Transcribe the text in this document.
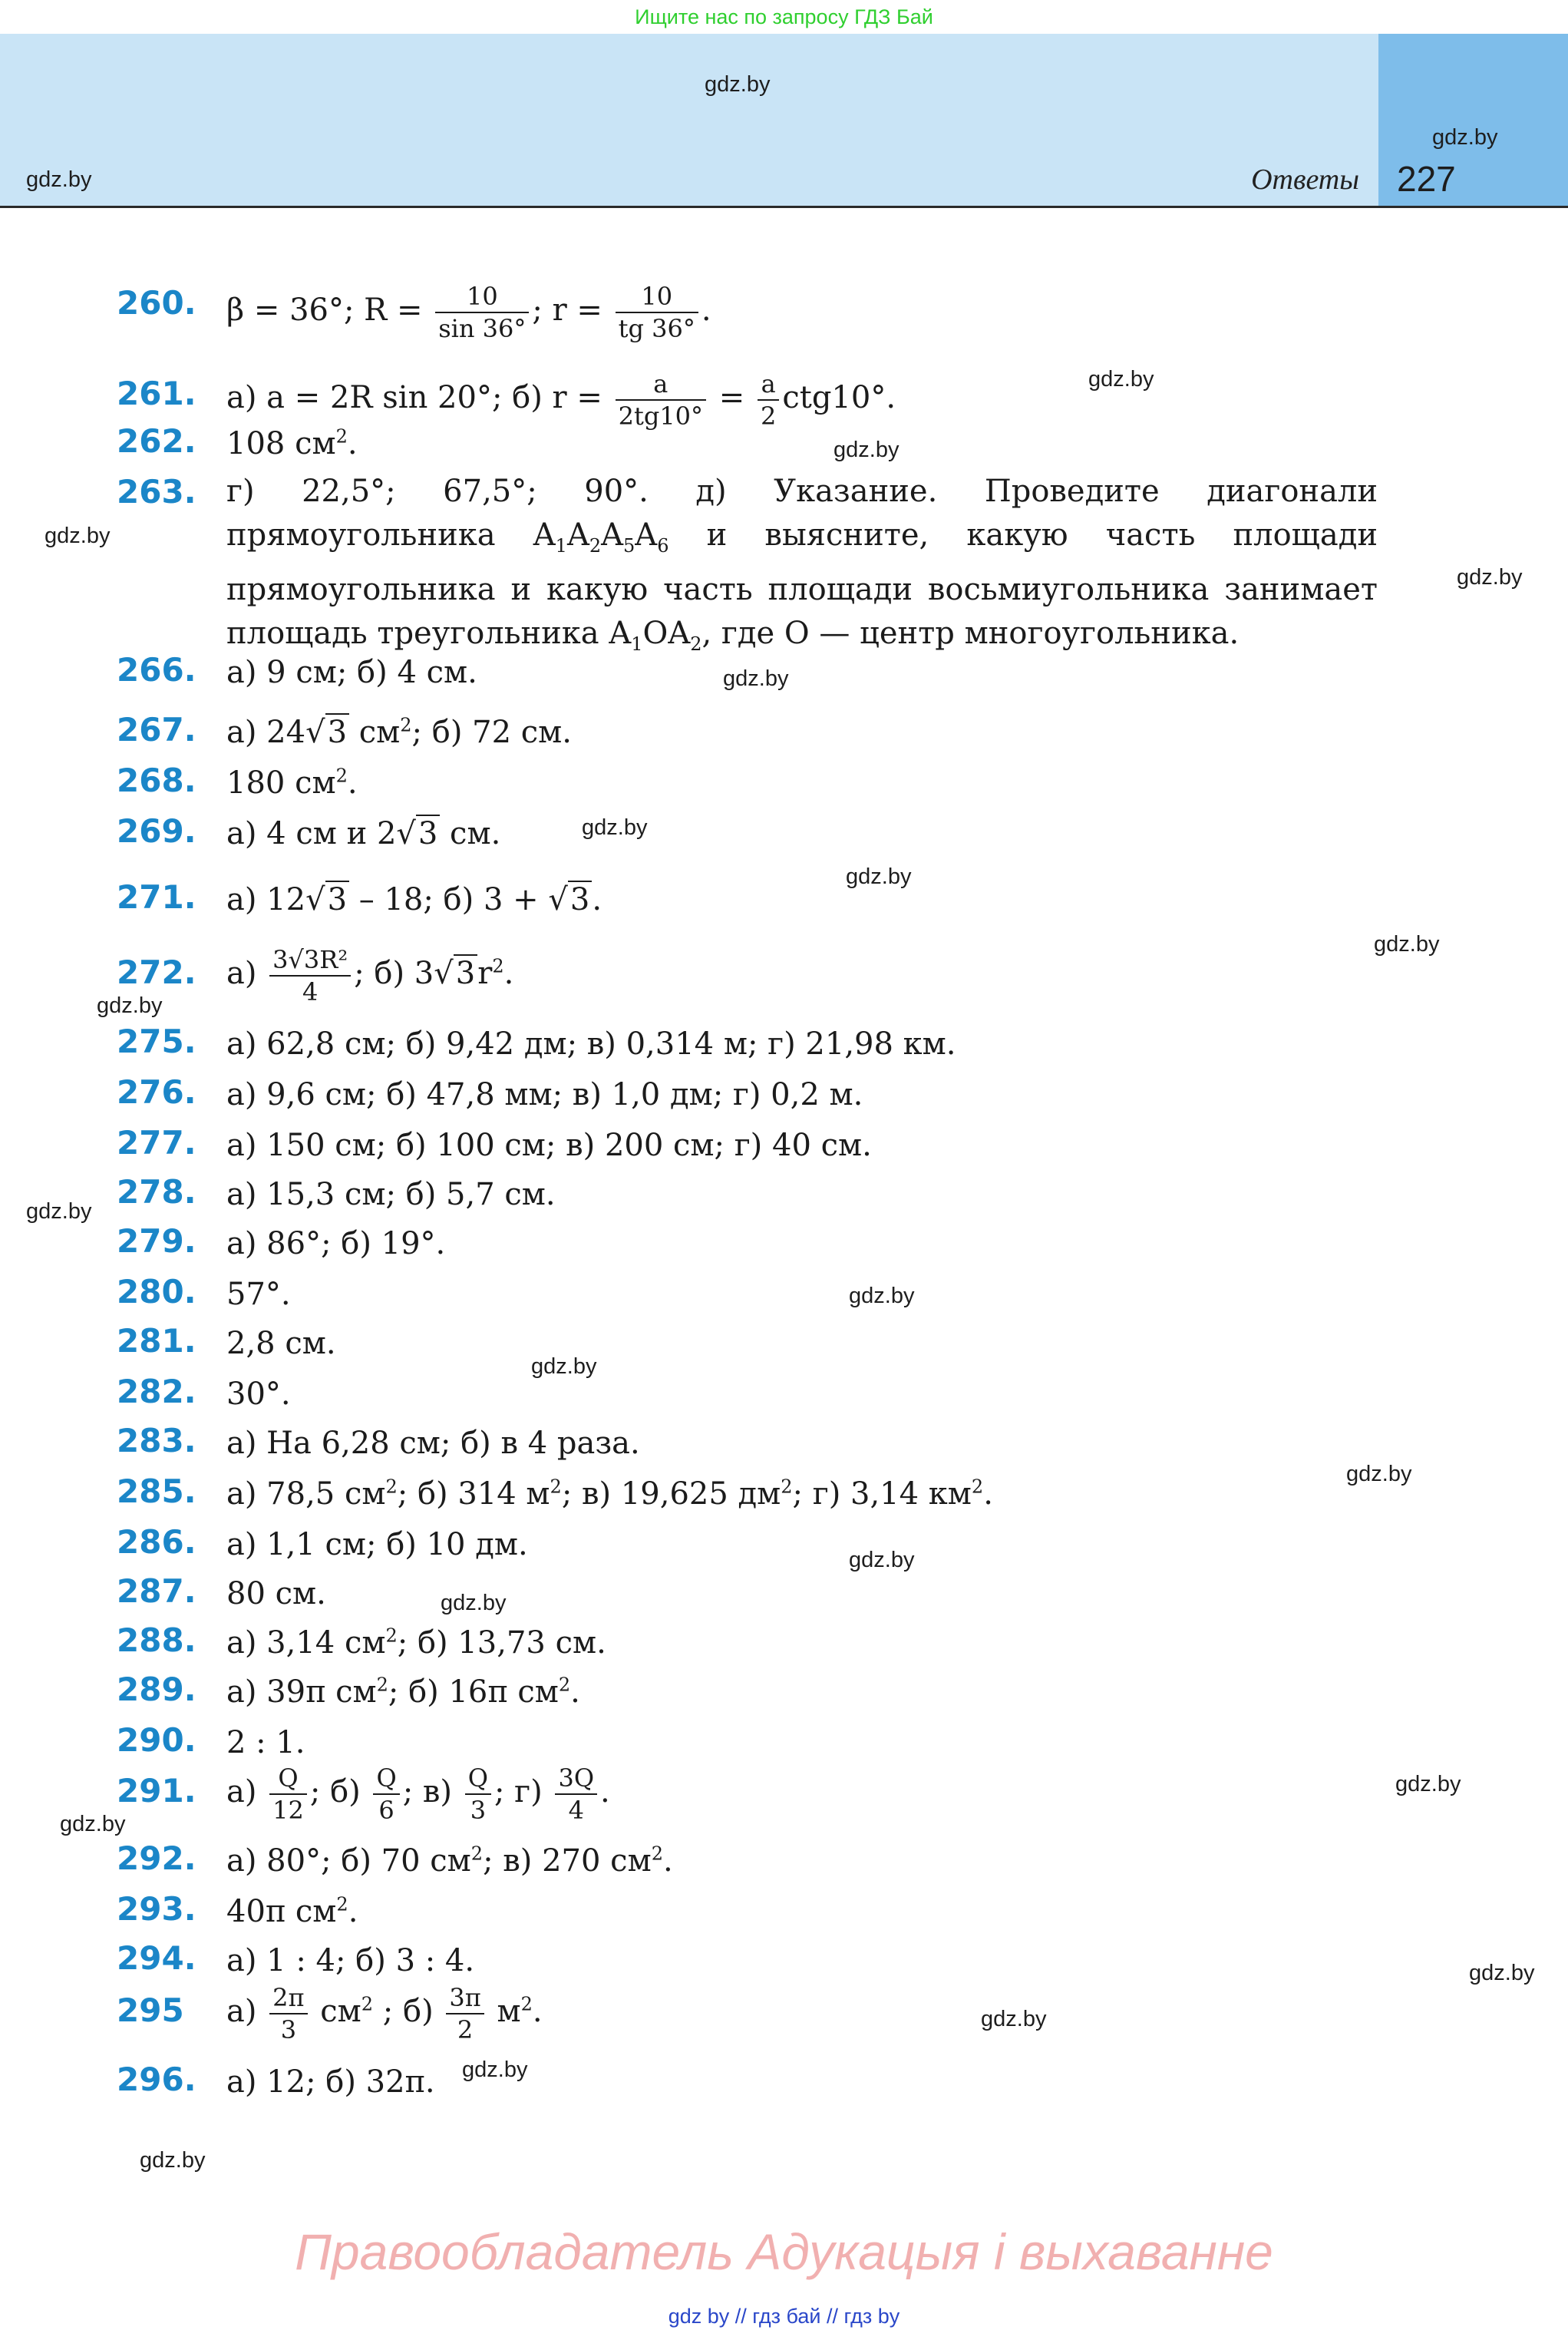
Ищите нас по запросу ГДЗ Бай
Ответы 227
gdz.by
gdz.by
gdz.by
gdz.by
gdz.by
gdz.by
gdz.by
gdz.by
gdz.by
gdz.by
gdz.by
gdz.by
gdz.by
gdz.by
gdz.by
gdz.by
gdz.by
gdz.by
gdz.by
gdz.by
gdz.by
gdz.by
gdz.by
gdz.by
260. β = 36°; $R = \frac{10}{\sin 36^\circ}$ ; $r = \frac{10}{tg 36^\circ}$ .
261. а) a = 2R sin 20°; б) $r = \frac{a}{2tg10^\circ} = \frac{a}{2} ctg10^\circ$.
262. 108 $см^2$.
263. г) 22,5°; 67,5°; 90°. д) Указание. Проведите диагонали прямоугольника $A_1A_2A_5A_6$ и выясните, какую часть площади прямоугольника и какую часть площади восьмиугольника занимает площадь треугольника $A_1OA_2$, где O — центр многоугольника.
266. а) 9 см; б) 4 см.
267. а) 24√3 $см^2$; б) 72 см.
268. 180 $см^2$.
269. а) 4 см и 2√3 см.
271. а) 12√3 – 18; б) 3 + √3.
272. $а) \frac{\text{3√3R²}}{4}$ ; б) $3√3r^2$.
275. а) 62,8 см; б) 9,42 дм; в) 0,314 м; г) 21,98 км.
276. а) 9,6 см; б) 47,8 мм; в) 1,0 дм; г) 0,2 м.
277. а) 150 см; б) 100 см; в) 200 см; г) 40 см.
278. а) 15,3 см; б) 5,7 см.
279. а) 86°; б) 19°.
280. 57°.
281. 2,8 см.
282. 30°.
283. а) На 6,28 см; б) в 4 раза.
285. а) 78,5 $см^2$; б) 314 $м^2$; в) 19,625 $дм^2$; г) 3,14 $км^2$.
286. а) 1,1 см; б) 10 дм.
287. 80 см.
288. а) 3,14 $см^2$; б) 13,73 см.
289. а) 39π $см^2$; б) 16π $см^2$.
290. 2 : 1.
291. $а) \frac{Q}{12}$ ; $б) \frac{Q}{6}$ ; $в) \frac{Q}{3}$ ; $г) \frac{3Q}{4}$ .
292. а) 80°; б) 70 $см^2$; в) 270 $см^2$.
293. 40π $см^2$.
294. а) 1 : 4; б) 3 : 4.
295 $а) \frac{2\pi}{3} см^2$ ; $б) \frac{3\pi}{2} м^2$.
296. а) 12; б) 32π.
Правообладатель Адукацыя і выхаванне
gdz by // гдз бай // гдз by
